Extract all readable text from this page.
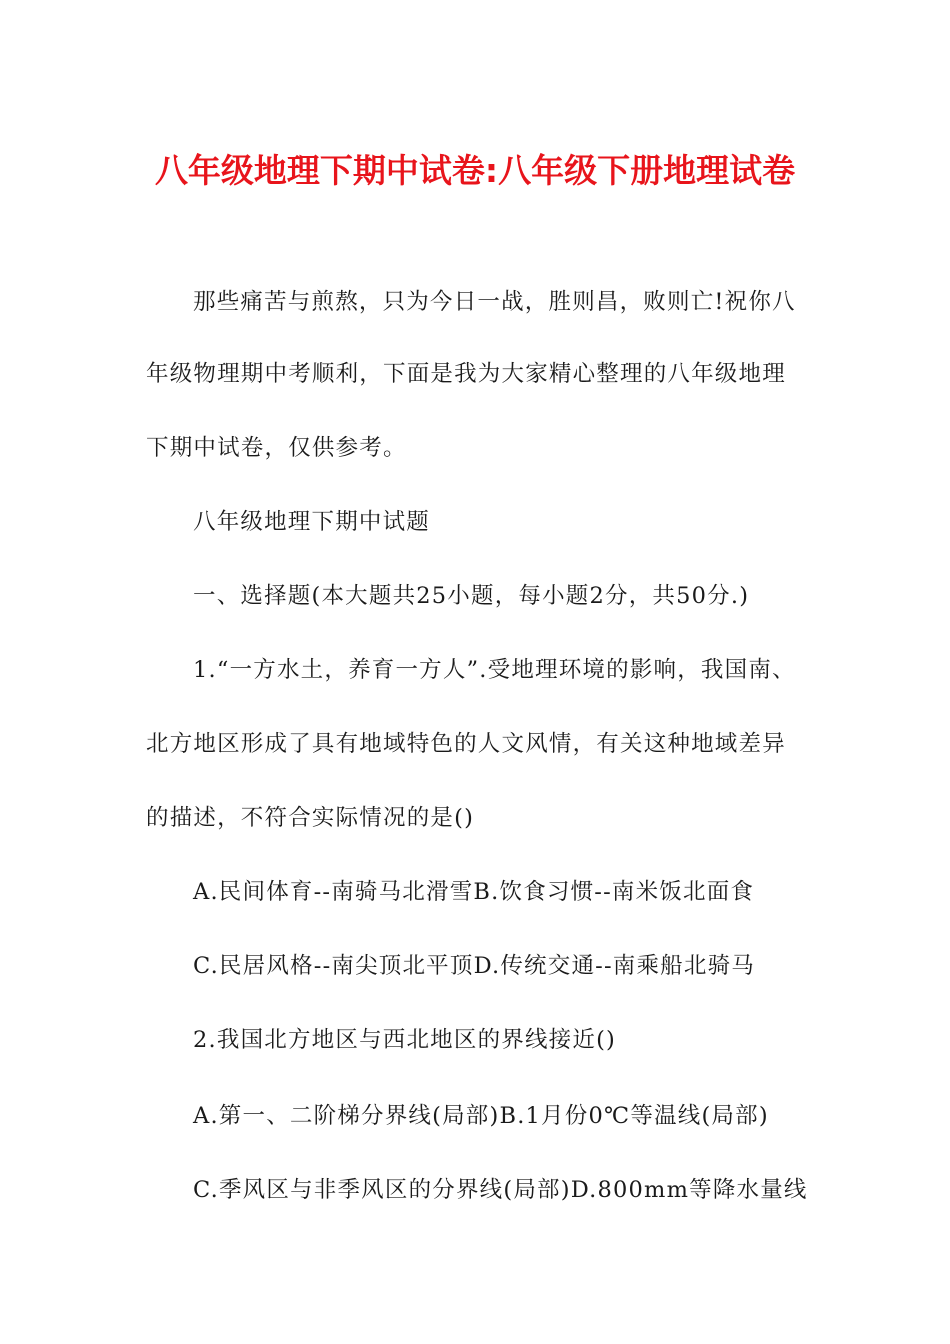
八年级地理下期中试卷:八年级下册地理试卷

那些痛苦与煎熬，只为今日一战，胜则昌，败则亡!祝你八

年级物理期中考顺利，下面是我为大家精心整理的八年级地理

下期中试卷，仅供参考。

八年级地理下期中试题

一、选择题(本大题共25小题，每小题2分，共50分.)

1.“一方水土，养育一方人”.受地理环境的影响，我国南、

北方地区形成了具有地域特色的人文风情，有关这种地域差异

的描述，不符合实际情况的是()

A.民间体育--南骑马北滑雪B.饮食习惯--南米饭北面食

C.民居风格--南尖顶北平顶D.传统交通--南乘船北骑马

2.我国北方地区与西北地区的界线接近()

A.第一、二阶梯分界线(局部)B.1月份0℃等温线(局部)

C.季风区与非季风区的分界线(局部)D.800mm等降水量线
